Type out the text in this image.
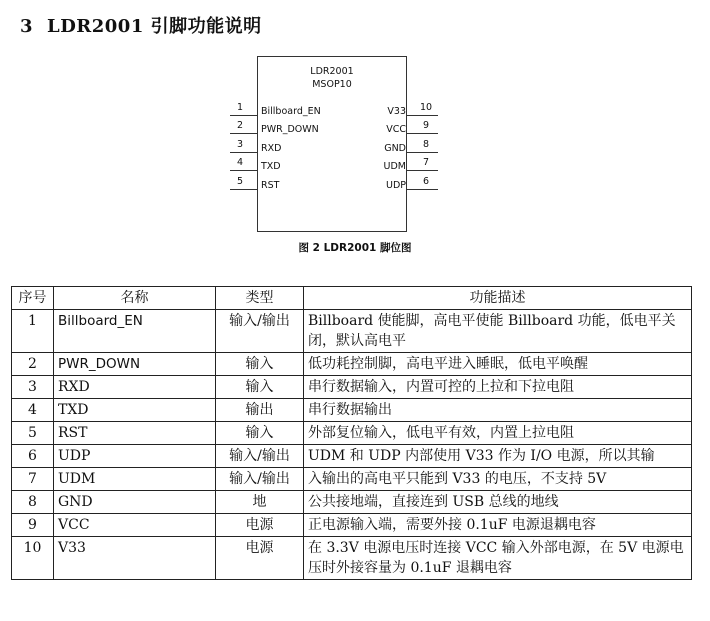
3 LDR2001 引脚功能说明
LDR2001
MSOP10
1 Billboard_EN
2 PWR_DOWN
3 RXD
4 TXD
5 RST
10
V33
9
VCC
8
GND
7
UDM
6
UDP
图 2 LDR2001 脚位图
序号	名称	类型	功能描述
1	Billboard_EN	输入/输出	Billboard 使能脚，高电平使能 Billboard 功能，低电平关闭，默认高电平
2	PWR_DOWN	输入	低功耗控制脚，高电平进入睡眠，低电平唤醒
3	RXD	输入	串行数据输入，内置可控的上拉和下拉电阻
4	TXD	输出	串行数据输出
5	RST	输入	外部复位输入，低电平有效，内置上拉电阻
6	UDP	输入/输出	UDM 和 UDP 内部使用 V33 作为 I/O 电源，所以其输
7	UDM	输入/输出	入输出的高电平只能到 V33 的电压，不支持 5V
8	GND	地	公共接地端，直接连到 USB 总线的地线
9	VCC	电源	正电源输入端，需要外接 0.1uF 电源退耦电容
10	V33	电源	在 3.3V 电源电压时连接 VCC 输入外部电源，在 5V 电源电压时外接容量为 0.1uF 退耦电容
